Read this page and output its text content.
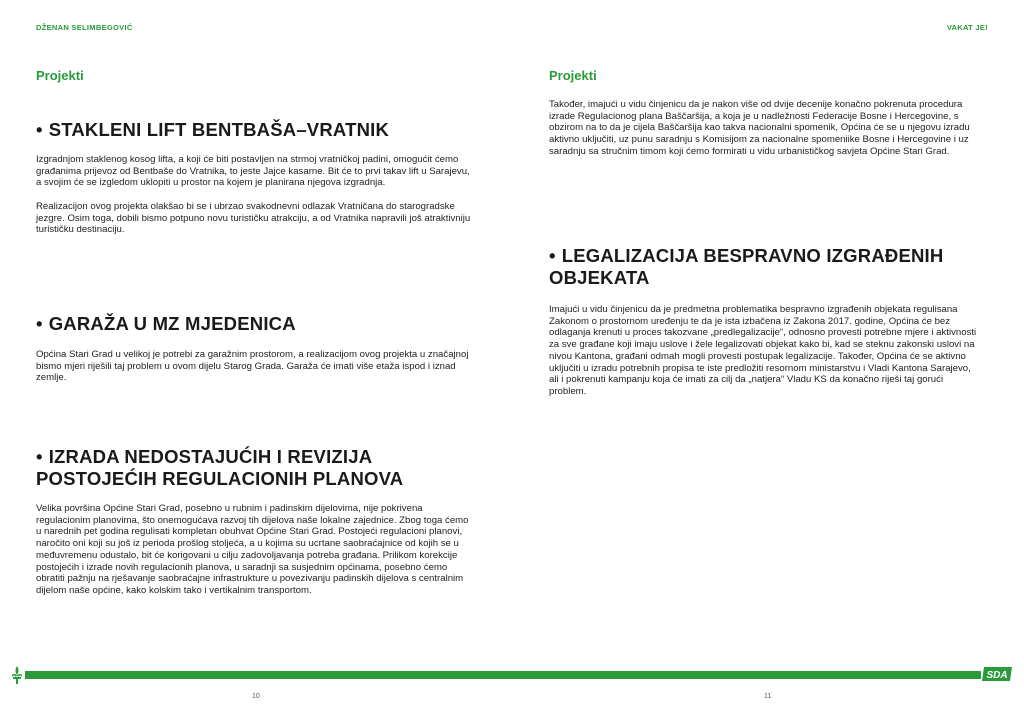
DŽENAN SELIMBEGOVIĆ	VAKAT JE!
Projekti
• STAKLENI LIFT BENTBAŠA–VRATNIK

Izgradnjom staklenog kosog lifta, a koji će biti postavljen na strmoj vratničkoj padini, omogućit ćemo građanima prijevoz od Bentbaše do Vratnika, to jeste Jajce kasarne. Bit će to prvi takav lift u Sarajevu, a svojim će se izgledom uklopiti u prostor na kojem je planirana njegova izgradnja.

Realizacijon ovog projekta olakšao bi se i ubrzao svakodnevni odlazak Vratničana do starogradske jezgre. Osim toga, dobili bismo potpuno novu turističku atrakciju, a od Vratnika napravili još atraktivniju turističku destinaciju.

• GARAŽA U MZ MJEDENICA

Općina Stari Grad u velikoj je potrebi za garažnim prostorom, a realizacijom ovog projekta u značajnoj bismo mjeri riješili taj problem u ovom dijelu Starog Grada. Garaža će imati više etaža ispod i iznad zemlje.

• IZRADA NEDOSTAJUĆIH I REVIZIJA POSTOJEĆIH REGULACIONIH PLANOVA

Velika površina Općine Stari Grad, posebno u rubnim i padinskim dijelovima, nije pokrivena regulacionim planovima, što onemogućava razvoj tih dijelova naše lokalne zajednice. Zbog toga ćemo u narednih pet godina regulisati kompletan obuhvat Općine Stari Grad. Postojeći regulacioni planovi, naročito oni koji su još iz perioda prošlog stoljeća, a u kojima su ucrtane saobraćajnice od kojih se u međuvremenu odustalo, bit će korigovani u cilju zadovoljavanja potreba građana. Prilikom korekcije postojećih i izrade novih regulacionih planova, u saradnji sa susjednim općinama, posebno ćemo obratiti pažnju na rješavanje saobraćajne infrastrukture u povezivanju padinskih dijelova s centralnim dijelom naše općine, kako kolskim tako i vertikalnim transportom.

Projekti

Također, imajući u vidu činjenicu da je nakon više od dvije decenije konačno pokrenuta procedura izrade Regulacionog plana Baščaršija, a koja je u nadležnosti Federacije Bosne i Hercegovine, s obzirom na to da je cijela Baščaršija kao takva nacionalni spomenik, Općina će se u njegovu izradu aktivno uključiti, uz punu saradnju s Komisijom za nacionalne spomeniike Bosne i Hercegovine i uz saradnju sa stručnim timom koji ćemo formirati u vidu urbanističkog savjeta Općine Stari Grad.

• LEGALIZACIJA BESPRAVNO IZGRAĐENIH OBJEKATA

Imajući u vidu činjenicu da je predmetna problematika bespravno izgrađenih objekata regulisana Zakonom o prostornom uređenju te da je ista izbačena iz Zakona 2017. godine, Općina će bez odlaganja krenuti u proces takozvane „predlegalizacije“, odnosno provesti potrebne mjere i aktivnosti za sve građane koji imaju uslove i žele legalizovati objekat kako bi, kad se steknu zakonski uslovi na nivou Kantona, građani odmah mogli provesti postupak legalizacije. Također, Općina će se aktivno uključiti u izradu potrebnih propisa te iste predložiti resornom ministarstvu i Vladi Kantona Sarajevo, ali i pokrenuti kampanju koja će imati za cilj da „natjera“ Vladu KS da konačno riješi taj gorući problem.

SDA
10	11
